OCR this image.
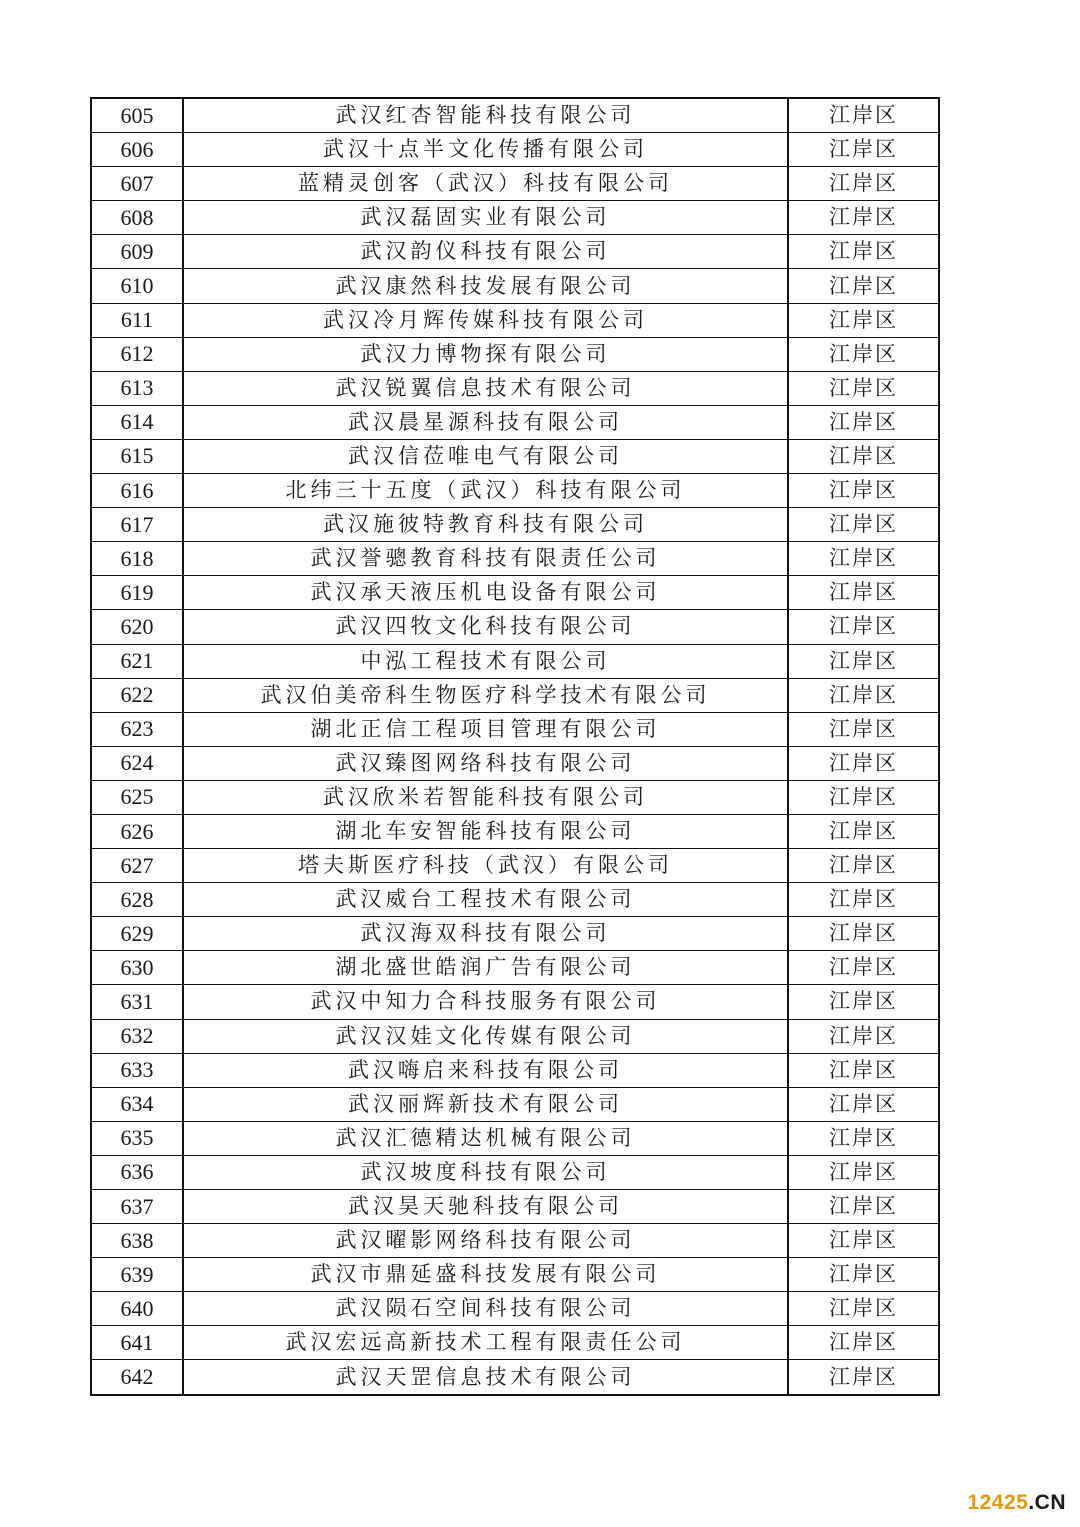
605	武汉红杏智能科技有限公司	江岸区
606	武汉十点半文化传播有限公司	江岸区
607	蓝精灵创客（武汉）科技有限公司	江岸区
608	武汉磊固实业有限公司	江岸区
609	武汉韵仪科技有限公司	江岸区
610	武汉康然科技发展有限公司	江岸区
611	武汉冷月辉传媒科技有限公司	江岸区
612	武汉力博物探有限公司	江岸区
613	武汉锐翼信息技术有限公司	江岸区
614	武汉晨星源科技有限公司	江岸区
615	武汉信莅唯电气有限公司	江岸区
616	北纬三十五度（武汉）科技有限公司	江岸区
617	武汉施彼特教育科技有限公司	江岸区
618	武汉誉骢教育科技有限责任公司	江岸区
619	武汉承天液压机电设备有限公司	江岸区
620	武汉四牧文化科技有限公司	江岸区
621	中泓工程技术有限公司	江岸区
622	武汉伯美帝科生物医疗科学技术有限公司	江岸区
623	湖北正信工程项目管理有限公司	江岸区
624	武汉臻图网络科技有限公司	江岸区
625	武汉欣米若智能科技有限公司	江岸区
626	湖北车安智能科技有限公司	江岸区
627	塔夫斯医疗科技（武汉）有限公司	江岸区
628	武汉威台工程技术有限公司	江岸区
629	武汉海双科技有限公司	江岸区
630	湖北盛世皓润广告有限公司	江岸区
631	武汉中知力合科技服务有限公司	江岸区
632	武汉汉娃文化传媒有限公司	江岸区
633	武汉嗨启来科技有限公司	江岸区
634	武汉丽辉新技术有限公司	江岸区
635	武汉汇德精达机械有限公司	江岸区
636	武汉坡度科技有限公司	江岸区
637	武汉昊天驰科技有限公司	江岸区
638	武汉曜影网络科技有限公司	江岸区
639	武汉市鼎延盛科技发展有限公司	江岸区
640	武汉陨石空间科技有限公司	江岸区
641	武汉宏远高新技术工程有限责任公司	江岸区
642	武汉天罡信息技术有限公司	江岸区
12425.CN
